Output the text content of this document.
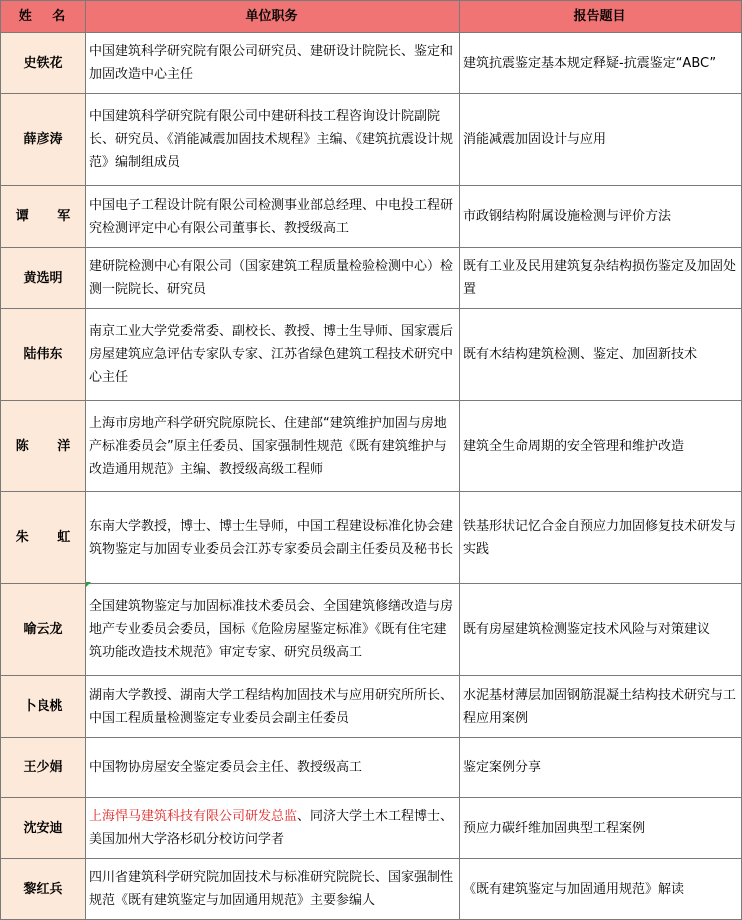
姓 名	单位职务	报告题目
史铁花	中国建筑科学研究院有限公司研究员、建研设计院院长、鉴定和加固改造中心主任	建筑抗震鉴定基本规定释疑-抗震鉴定“ABC”
薛彦涛	中国建筑科学研究院有限公司中建研科技工程咨询设计院副院长、研究员、《消能减震加固技术规程》主编、《建筑抗震设计规范》编制组成员	消能减震加固设计与应用
谭 军	中国电子工程设计院有限公司检测事业部总经理、中电投工程研究检测评定中心有限公司董事长、教授级高工	市政钢结构附属设施检测与评价方法
黄选明	建研院检测中心有限公司（国家建筑工程质量检验检测中心）检测一院院长、研究员	既有工业及民用建筑复杂结构损伤鉴定及加固处置
陆伟东	南京工业大学党委常委、副校长、教授、博士生导师、国家震后房屋建筑应急评估专家队专家、江苏省绿色建筑工程技术研究中心主任	既有木结构建筑检测、鉴定、加固新技术
陈 洋	上海市房地产科学研究院原院长、住建部“建筑维护加固与房地产标准委员会”原主任委员、国家强制性规范《既有建筑维护与改造通用规范》主编、教授级高级工程师	建筑全生命周期的安全管理和维护改造
朱 虹	东南大学教授，博士、博士生导师，中国工程建设标准化协会建筑物鉴定与加固专业委员会江苏专家委员会副主任委员及秘书长	铁基形状记忆合金自预应力加固修复技术研发与实践
喻云龙	全国建筑物鉴定与加固标准技术委员会、全国建筑修缮改造与房地产专业委员会委员，国标《危险房屋鉴定标准》《既有住宅建筑功能改造技术规范》审定专家、研究员级高工	既有房屋建筑检测鉴定技术风险与对策建议
卜良桃	湖南大学教授、湖南大学工程结构加固技术与应用研究所所长、中国工程质量检测鉴定专业委员会副主任委员	水泥基材薄层加固钢筋混凝土结构技术研究与工程应用案例
王少娟	中国物协房屋安全鉴定委员会主任、教授级高工	鉴定案例分享
沈安迪	上海悍马建筑科技有限公司研发总监、同济大学土木工程博士、美国加州大学洛杉矶分校访问学者	预应力碳纤维加固典型工程案例
黎红兵	四川省建筑科学研究院加固技术与标准研究院院长、国家强制性规范《既有建筑鉴定与加固通用规范》主要参编人	《既有建筑鉴定与加固通用规范》解读
